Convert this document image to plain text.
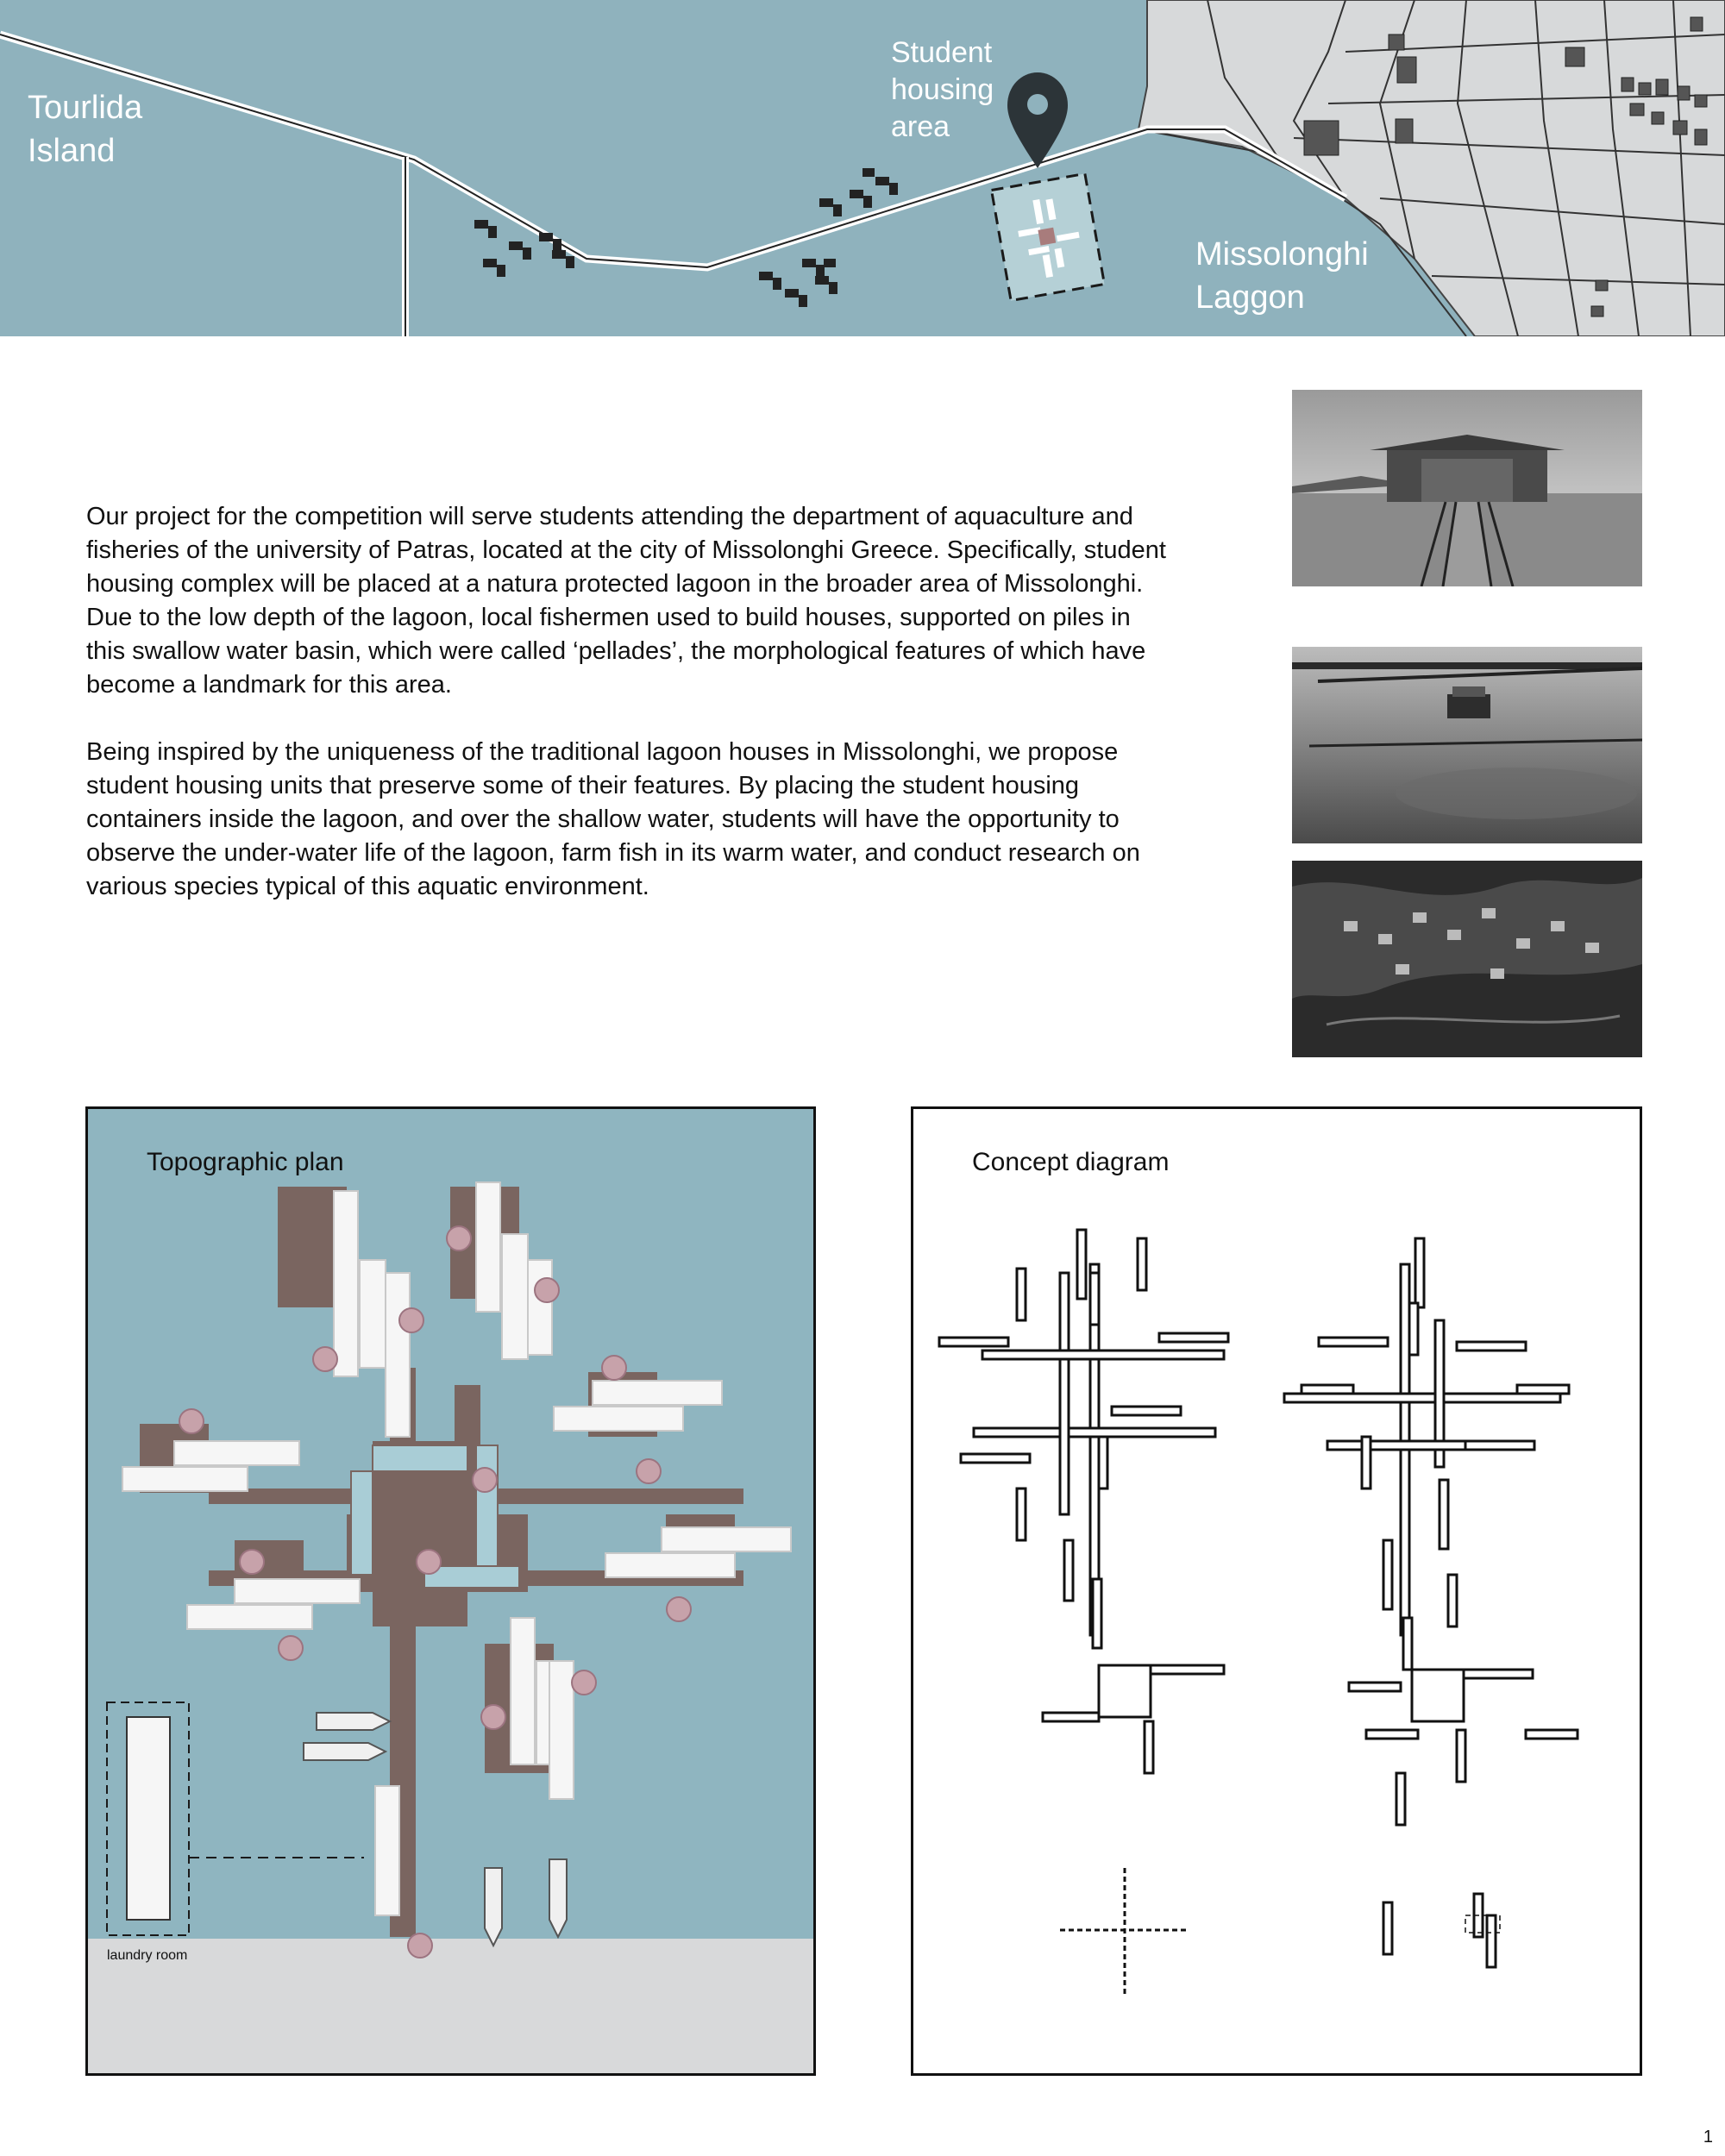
Tourlida
Island
Student
housing
area
Missolonghi
Laggon

Our project for the competition will serve students attending the department of aquaculture and fisheries of the university of Patras, located at the city of Missolonghi Greece. Specifically, student housing complex will be placed at a natura protected lagoon in the broader area of Missolonghi. Due to the low depth of the lagoon, local fishermen used to build houses, supported on piles in this swallow water basin, which were called ‘pellades’, the morphological features of which have become a landmark for this area.

Being inspired by the uniqueness of the traditional lagoon houses in Missolonghi, we propose student housing units that preserve some of their features. By placing the student housing containers inside the lagoon, and over the shallow water, students will have the opportunity to observe the under-water life of the lagoon, farm fish in its warm water, and conduct research on various species typical of this aquatic environment.

Topographic plan
laundry room
Concept diagram
1
